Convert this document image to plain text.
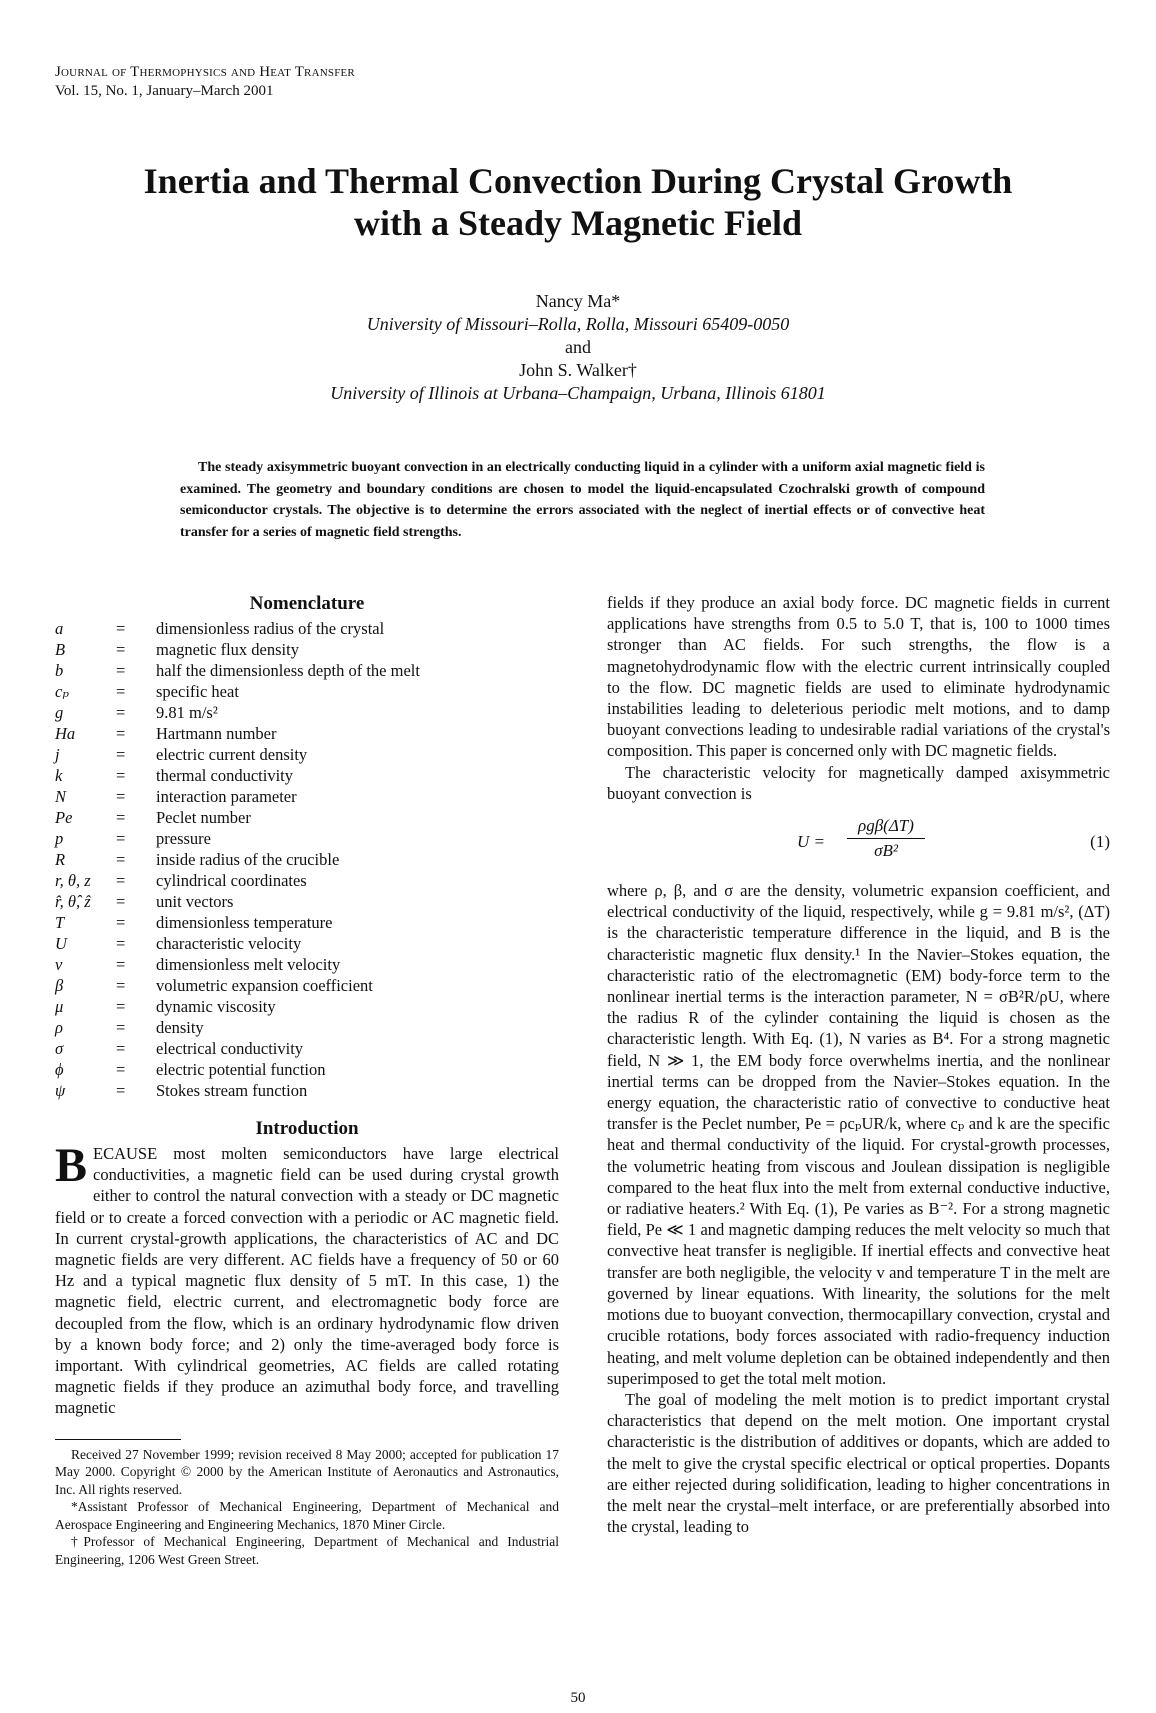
Journal of Thermophysics and Heat Transfer
Vol. 15, No. 1, January–March 2001
Inertia and Thermal Convection During Crystal Growth
with a Steady Magnetic Field
Nancy Ma*
University of Missouri–Rolla, Rolla, Missouri 65409-0050
and
John S. Walker†
University of Illinois at Urbana–Champaign, Urbana, Illinois 61801

The steady axisymmetric buoyant convection in an electrically conducting liquid in a cylinder with a uniform axial magnetic field is examined. The geometry and boundary conditions are chosen to model the liquid-encapsulated Czochralski growth of compound semiconductor crystals. The objective is to determine the errors associated with the neglect of inertial effects or of convective heat transfer for a series of magnetic field strengths.

Nomenclature
a	=	dimensionless radius of the crystal
B	=	magnetic flux density
b	=	half the dimensionless depth of the melt
cₚ	=	specific heat
g	=	9.81 m/s²
Ha	=	Hartmann number
j	=	electric current density
k	=	thermal conductivity
N	=	interaction parameter
Pe	=	Peclet number
p	=	pressure
R	=	inside radius of the crucible
r, θ, z	=	cylindrical coordinates
r̂, θ̂, ẑ	=	unit vectors
T	=	dimensionless temperature
U	=	characteristic velocity
v	=	dimensionless melt velocity
β	=	volumetric expansion coefficient
μ	=	dynamic viscosity
ρ	=	density
σ	=	electrical conductivity
ϕ	=	electric potential function
ψ	=	Stokes stream function
Introduction

BECAUSE most molten semiconductors have large electrical conductivities, a magnetic field can be used during crystal growth either to control the natural convection with a steady or DC magnetic field or to create a forced convection with a periodic or AC magnetic field. In current crystal-growth applications, the characteristics of AC and DC magnetic fields are very different. AC fields have a frequency of 50 or 60 Hz and a typical magnetic flux density of 5 mT. In this case, 1) the magnetic field, electric current, and electromagnetic body force are decoupled from the flow, which is an ordinary hydrodynamic flow driven by a known body force; and 2) only the time-averaged body force is important. With cylindrical geometries, AC fields are called rotating magnetic fields if they produce an azimuthal body force, and travelling magnetic

Received 27 November 1999; revision received 8 May 2000; accepted for publication 17 May 2000. Copyright © 2000 by the American Institute of Aeronautics and Astronautics, Inc. All rights reserved.

*Assistant Professor of Mechanical Engineering, Department of Mechanical and Aerospace Engineering and Engineering Mechanics, 1870 Miner Circle.

†Professor of Mechanical Engineering, Department of Mechanical and Industrial Engineering, 1206 West Green Street.

fields if they produce an axial body force. DC magnetic fields in current applications have strengths from 0.5 to 5.0 T, that is, 100 to 1000 times stronger than AC fields. For such strengths, the flow is a magnetohydrodynamic flow with the electric current intrinsically coupled to the flow. DC magnetic fields are used to eliminate hydrodynamic instabilities leading to deleterious periodic melt motions, and to damp buoyant convections leading to undesirable radial variations of the crystal's composition. This paper is concerned only with DC magnetic fields.

The characteristic velocity for magnetically damped axisymmetric buoyant convection is

U =
ρgβ(ΔT)
σB²	(1)

where ρ, β, and σ are the density, volumetric expansion coefficient, and electrical conductivity of the liquid, respectively, while g = 9.81 m/s², (ΔT) is the characteristic temperature difference in the liquid, and B is the characteristic magnetic flux density.¹ In the Navier–Stokes equation, the characteristic ratio of the electromagnetic (EM) body-force term to the nonlinear inertial terms is the interaction parameter, N = σB²R/ρU, where the radius R of the cylinder containing the liquid is chosen as the characteristic length. With Eq. (1), N varies as B⁴. For a strong magnetic field, N ≫ 1, the EM body force overwhelms inertia, and the nonlinear inertial terms can be dropped from the Navier–Stokes equation. In the energy equation, the characteristic ratio of convective to conductive heat transfer is the Peclet number, Pe = ρcₚUR/k, where cₚ and k are the specific heat and thermal conductivity of the liquid. For crystal-growth processes, the volumetric heating from viscous and Joulean dissipation is negligible compared to the heat flux into the melt from external conductive inductive, or radiative heaters.² With Eq. (1), Pe varies as B⁻². For a strong magnetic field, Pe ≪ 1 and magnetic damping reduces the melt velocity so much that convective heat transfer is negligible. If inertial effects and convective heat transfer are both negligible, the velocity v and temperature T in the melt are governed by linear equations. With linearity, the solutions for the melt motions due to buoyant convection, thermocapillary convection, crystal and crucible rotations, body forces associated with radio-frequency induction heating, and melt volume depletion can be obtained independently and then superimposed to get the total melt motion.

The goal of modeling the melt motion is to predict important crystal characteristics that depend on the melt motion. One important crystal characteristic is the distribution of additives or dopants, which are added to the melt to give the crystal specific electrical or optical properties. Dopants are either rejected during solidification, leading to higher concentrations in the melt near the crystal–melt interface, or are preferentially absorbed into the crystal, leading to

50
